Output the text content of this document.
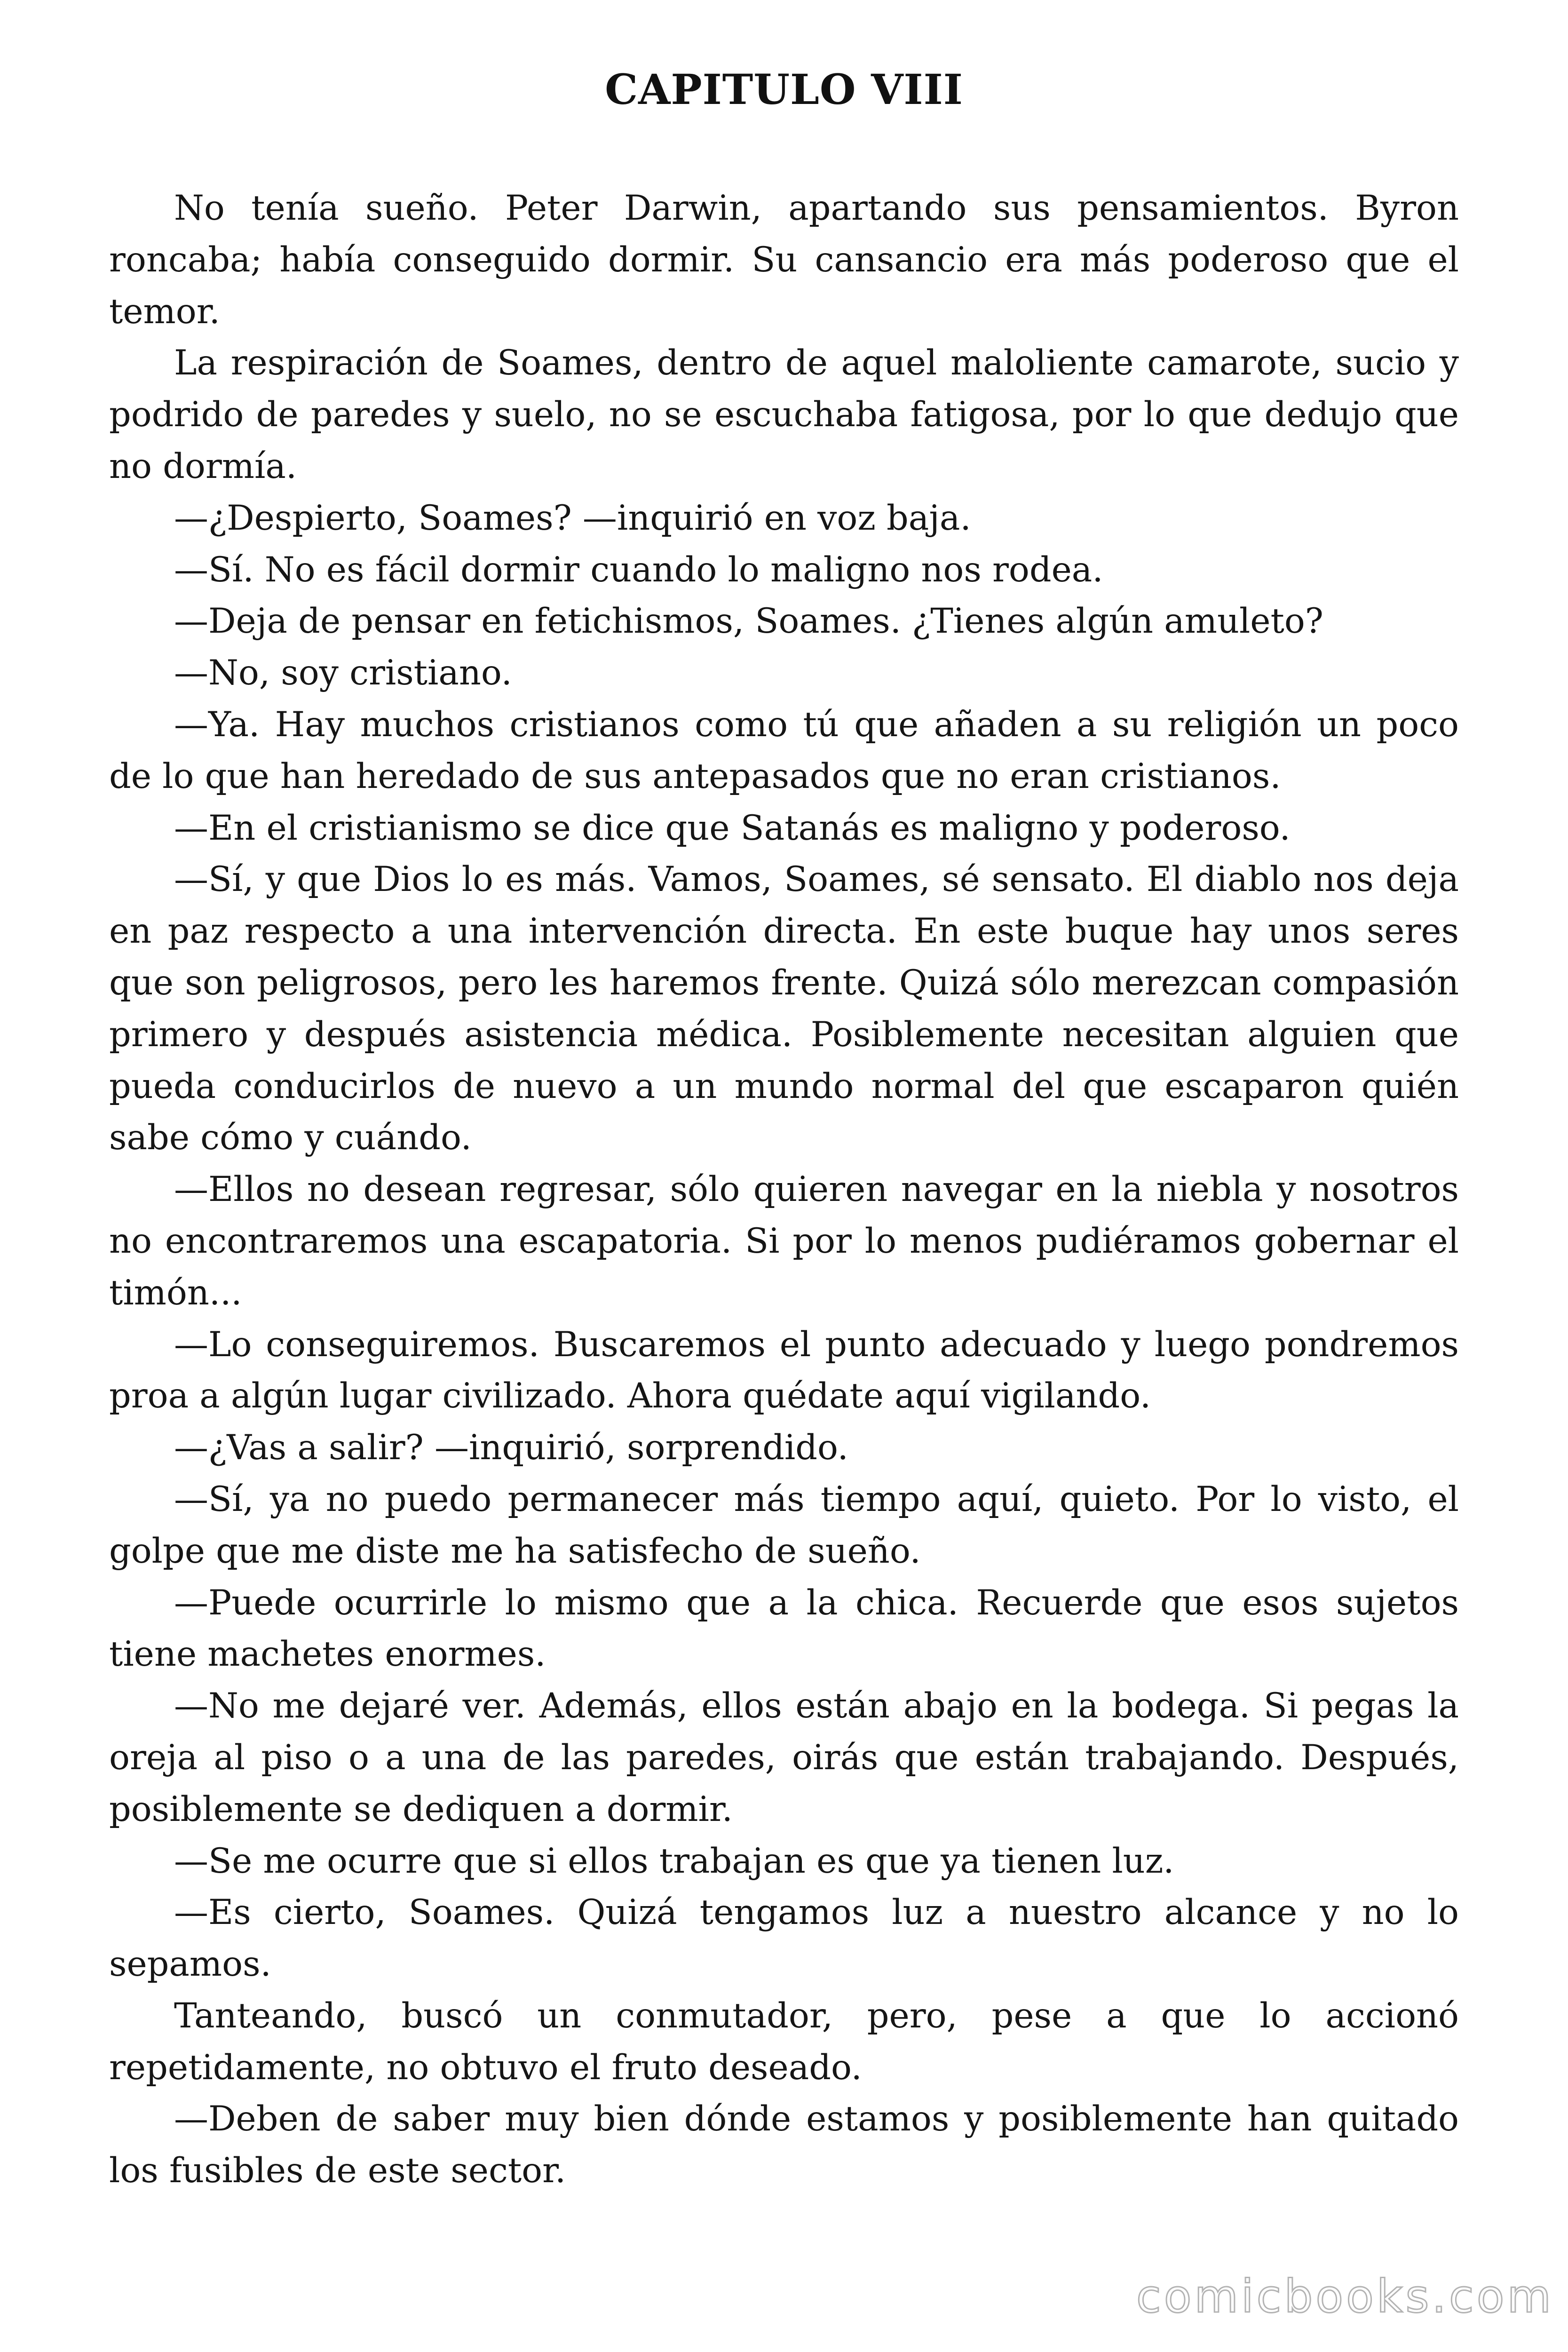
CAPITULO VIII

No tenía sueño. Peter Darwin, apartando sus pensamientos. Byron roncaba; había conseguido dormir. Su cansancio era más poderoso que el temor.

La respiración de Soames, dentro de aquel maloliente camarote, sucio y podrido de paredes y suelo, no se escuchaba fatigosa, por lo que dedujo que no dormía.

—¿Despierto, Soames? —inquirió en voz baja.

—Sí. No es fácil dormir cuando lo maligno nos rodea.

—Deja de pensar en fetichismos, Soames. ¿Tienes algún amuleto?

—No, soy cristiano.

—Ya. Hay muchos cristianos como tú que añaden a su religión un poco de lo que han heredado de sus antepasados que no eran cristianos.

—En el cristianismo se dice que Satanás es maligno y poderoso.

—Sí, y que Dios lo es más. Vamos, Soames, sé sensato. El diablo nos deja en paz respecto a una intervención directa. En este buque hay unos seres que son peligrosos, pero les haremos frente. Quizá sólo merezcan compasión primero y después asistencia médica. Posiblemente necesitan alguien que pueda conducirlos de nuevo a un mundo normal del que escaparon quién sabe cómo y cuándo.

—Ellos no desean regresar, sólo quieren navegar en la niebla y nosotros no encontraremos una escapatoria. Si por lo menos pudiéramos gobernar el timón...

—Lo conseguiremos. Buscaremos el punto adecuado y luego pondremos proa a algún lugar civilizado. Ahora quédate aquí vigilando.

—¿Vas a salir? —inquirió, sorprendido.

—Sí, ya no puedo permanecer más tiempo aquí, quieto. Por lo visto, el golpe que me diste me ha satisfecho de sueño.

—Puede ocurrirle lo mismo que a la chica. Recuerde que esos sujetos tiene machetes enormes.

—No me dejaré ver. Además, ellos están abajo en la bodega. Si pegas la oreja al piso o a una de las paredes, oirás que están trabajando. Después, posiblemente se dediquen a dormir.

—Se me ocurre que si ellos trabajan es que ya tienen luz.

—Es cierto, Soames. Quizá tengamos luz a nuestro alcance y no lo sepamos.

Tanteando, buscó un conmutador, pero, pese a que lo accionó repetidamente, no obtuvo el fruto deseado.

—Deben de saber muy bien dónde estamos y posiblemente han quitado los fusibles de este sector.

comicbooks.com
